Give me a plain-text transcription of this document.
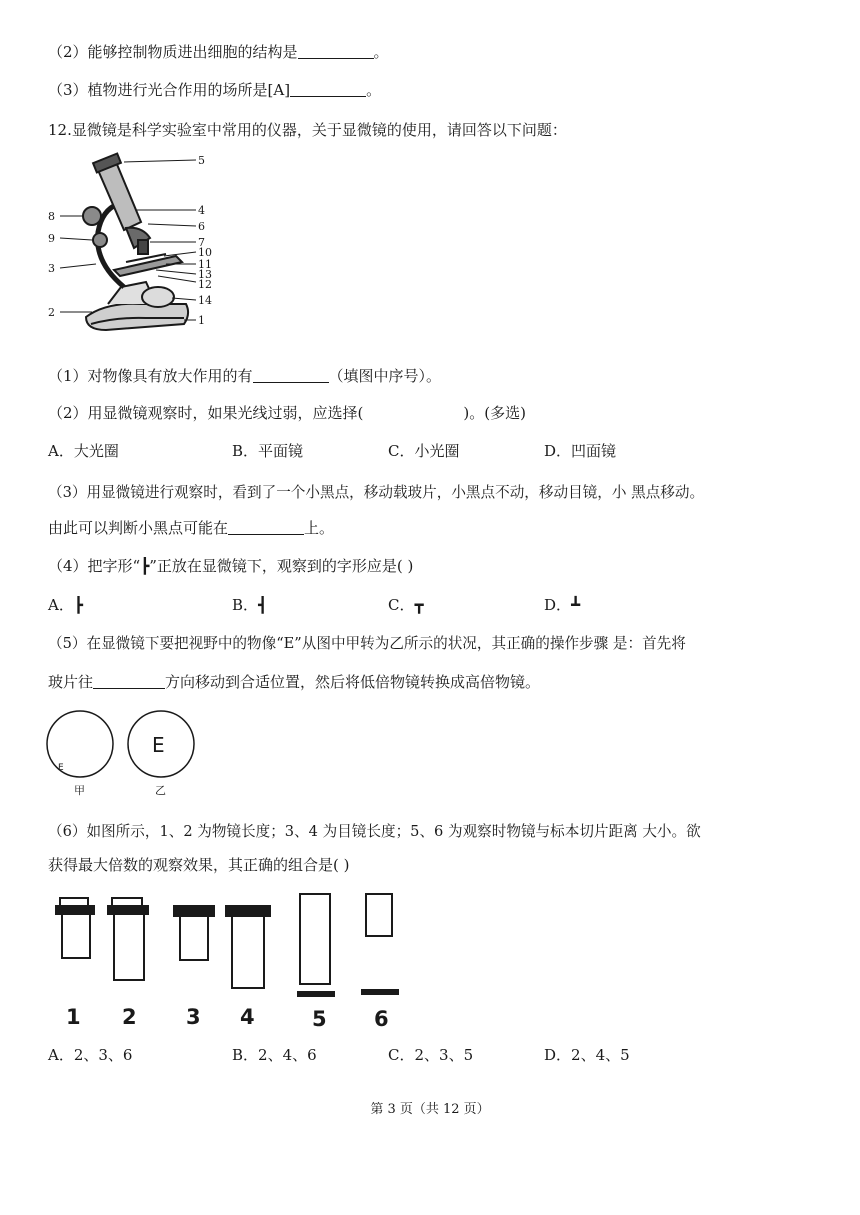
（2）能够控制物质进出细胞的结构是	。
（3）植物进行光合作用的场所是[A]	。
12.显微镜是科学实验室中常用的仪器，关于显微镜的使用，请回答以下问题：
5
4
6
7
10
11
13
12
14
1
8
9
3
2
（1）对物像具有放大作用的有	（填图中序号）。
（2）用显微镜观察时，如果光线过弱，应选择(	)。(多选)
A．大光圈	B．平面镜	C．小光圈	D．凹面镜
（3）用显微镜进行观察时，看到了一个小黑点，移动载玻片，小黑点不动，移动目镜，小 黑点移动。
由此可以判断小黑点可能在	上。
（4）把字形“┣”正放在显微镜下，观察到的字形应是( )
A．┣	B．┫	C．┳	D．┻
（5）在显微镜下要把视野中的物像“E”从图中甲转为乙所示的状况，其正确的操作步骤 是：首先将
玻片往	方向移动到合适位置，然后将低倍物镜转换成高倍物镜。
E
E
甲	乙
（6）如图所示，1、2 为物镜长度；3、4 为目镜长度；5、6 为观察时物镜与标本切片距离 大小。欲
获得最大倍数的观察效果，其正确的组合是( )
1 2 3 4	5 6
A．2、3、6	B．2、4、6	C．2、3、5	D．2、4、5
第 3 页（共 12 页）
